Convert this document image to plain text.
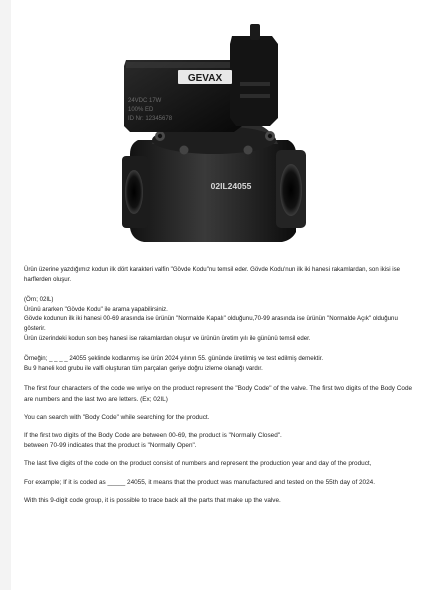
GEVAX
24VDC 17W
100% ED
ID Nr: 12345678
02IL24055

Ürün üzerine yazdığımız kodun ilk dört karakteri valfin "Gövde Kodu"nu temsil eder. Gövde Kodu'nun ilk iki hanesi rakamlardan, son ikisi ise harflerden oluşur.

(Örn; 02IL)

Ürünü ararken "Gövde Kodu" ile arama yapabilirsiniz.

Gövde kodunun ilk iki hanesi 00-69 arasında ise ürünün "Normalde Kapalı" olduğunu,70-99 arasında ise ürünün "Normalde Açık" olduğunu gösterir.

Ürün üzerindeki kodun son beş hanesi ise rakamlardan oluşur ve ürünün üretim yılı ile gününü temsil eder.

Örneğin; _ _ _ _ 24055 şeklinde kodlanmış ise ürün 2024 yılının 55. gününde üretilmiş ve test edilmiş demektir.

Bu 9 haneli kod grubu ile valfi oluşturan tüm parçaları geriye doğru izleme olanağı vardır.

The first four characters of the code we wriye on the product represent the "Body Code" of the valve. The first two digits of the Body Code are numbers and the last two are letters. (Ex; 02IL)

You can search with "Body Code" while searching for the product.

If the first two digits of the Body Code are between 00-69, the product is "Normally Closed".

between 70-99 indicates that the product is "Normally Open".

The last five digits of the code on the product consist of numbers and represent the production year and day of the product,

For example; If it is coded as _____ 24055, it means that the product was manufactured and tested on the 55th day of 2024.

With this 9-digit code group, it is possible to trace back all the parts that make up the valve.
